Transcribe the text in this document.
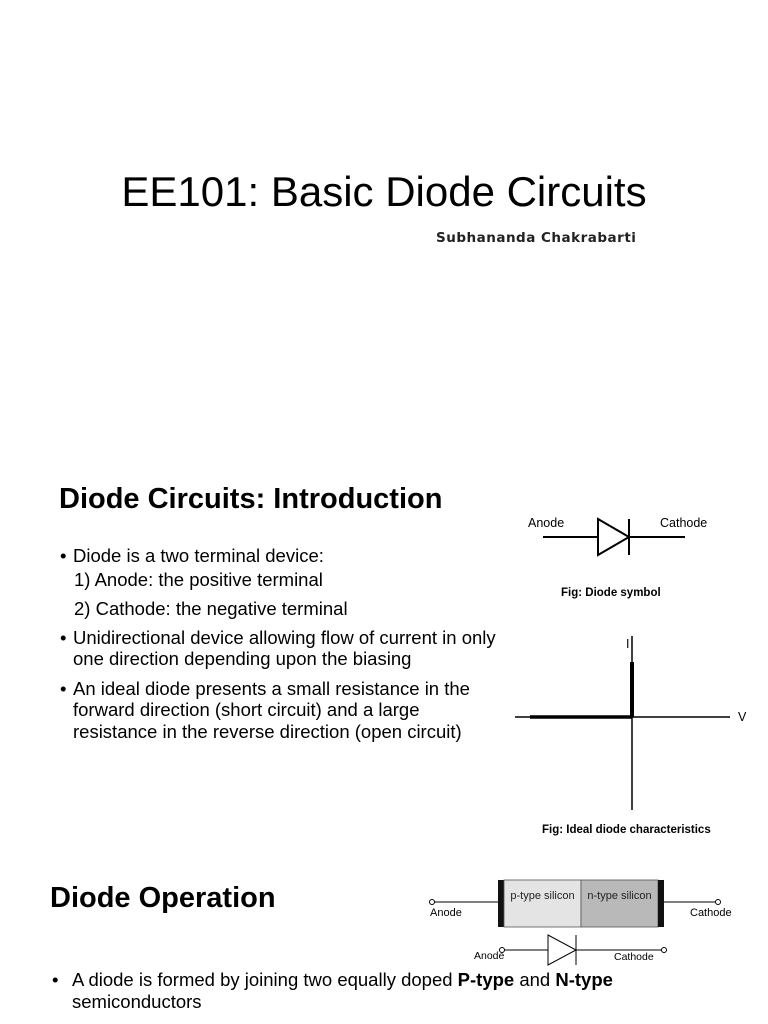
EE101: Basic Diode Circuits
Subhananda Chakrabarti
Diode Circuits: Introduction
• Diode is a two terminal device:
1) Anode: the positive terminal
2) Cathode: the negative terminal
• Unidirectional device allowing flow of current in only one direction depending upon the biasing
• An ideal diode presents a small resistance in the forward direction (short circuit) and a large resistance in the reverse direction (open circuit)
Anode	Cathode
Fig: Diode symbol
I
V
Fig: Ideal diode characteristics
Diode Operation	p-type silicon	n-type silicon
Anode	Cathode
Anode	Cathode
• A diode is formed by joining two equally doped P-type and N-type semiconductors
